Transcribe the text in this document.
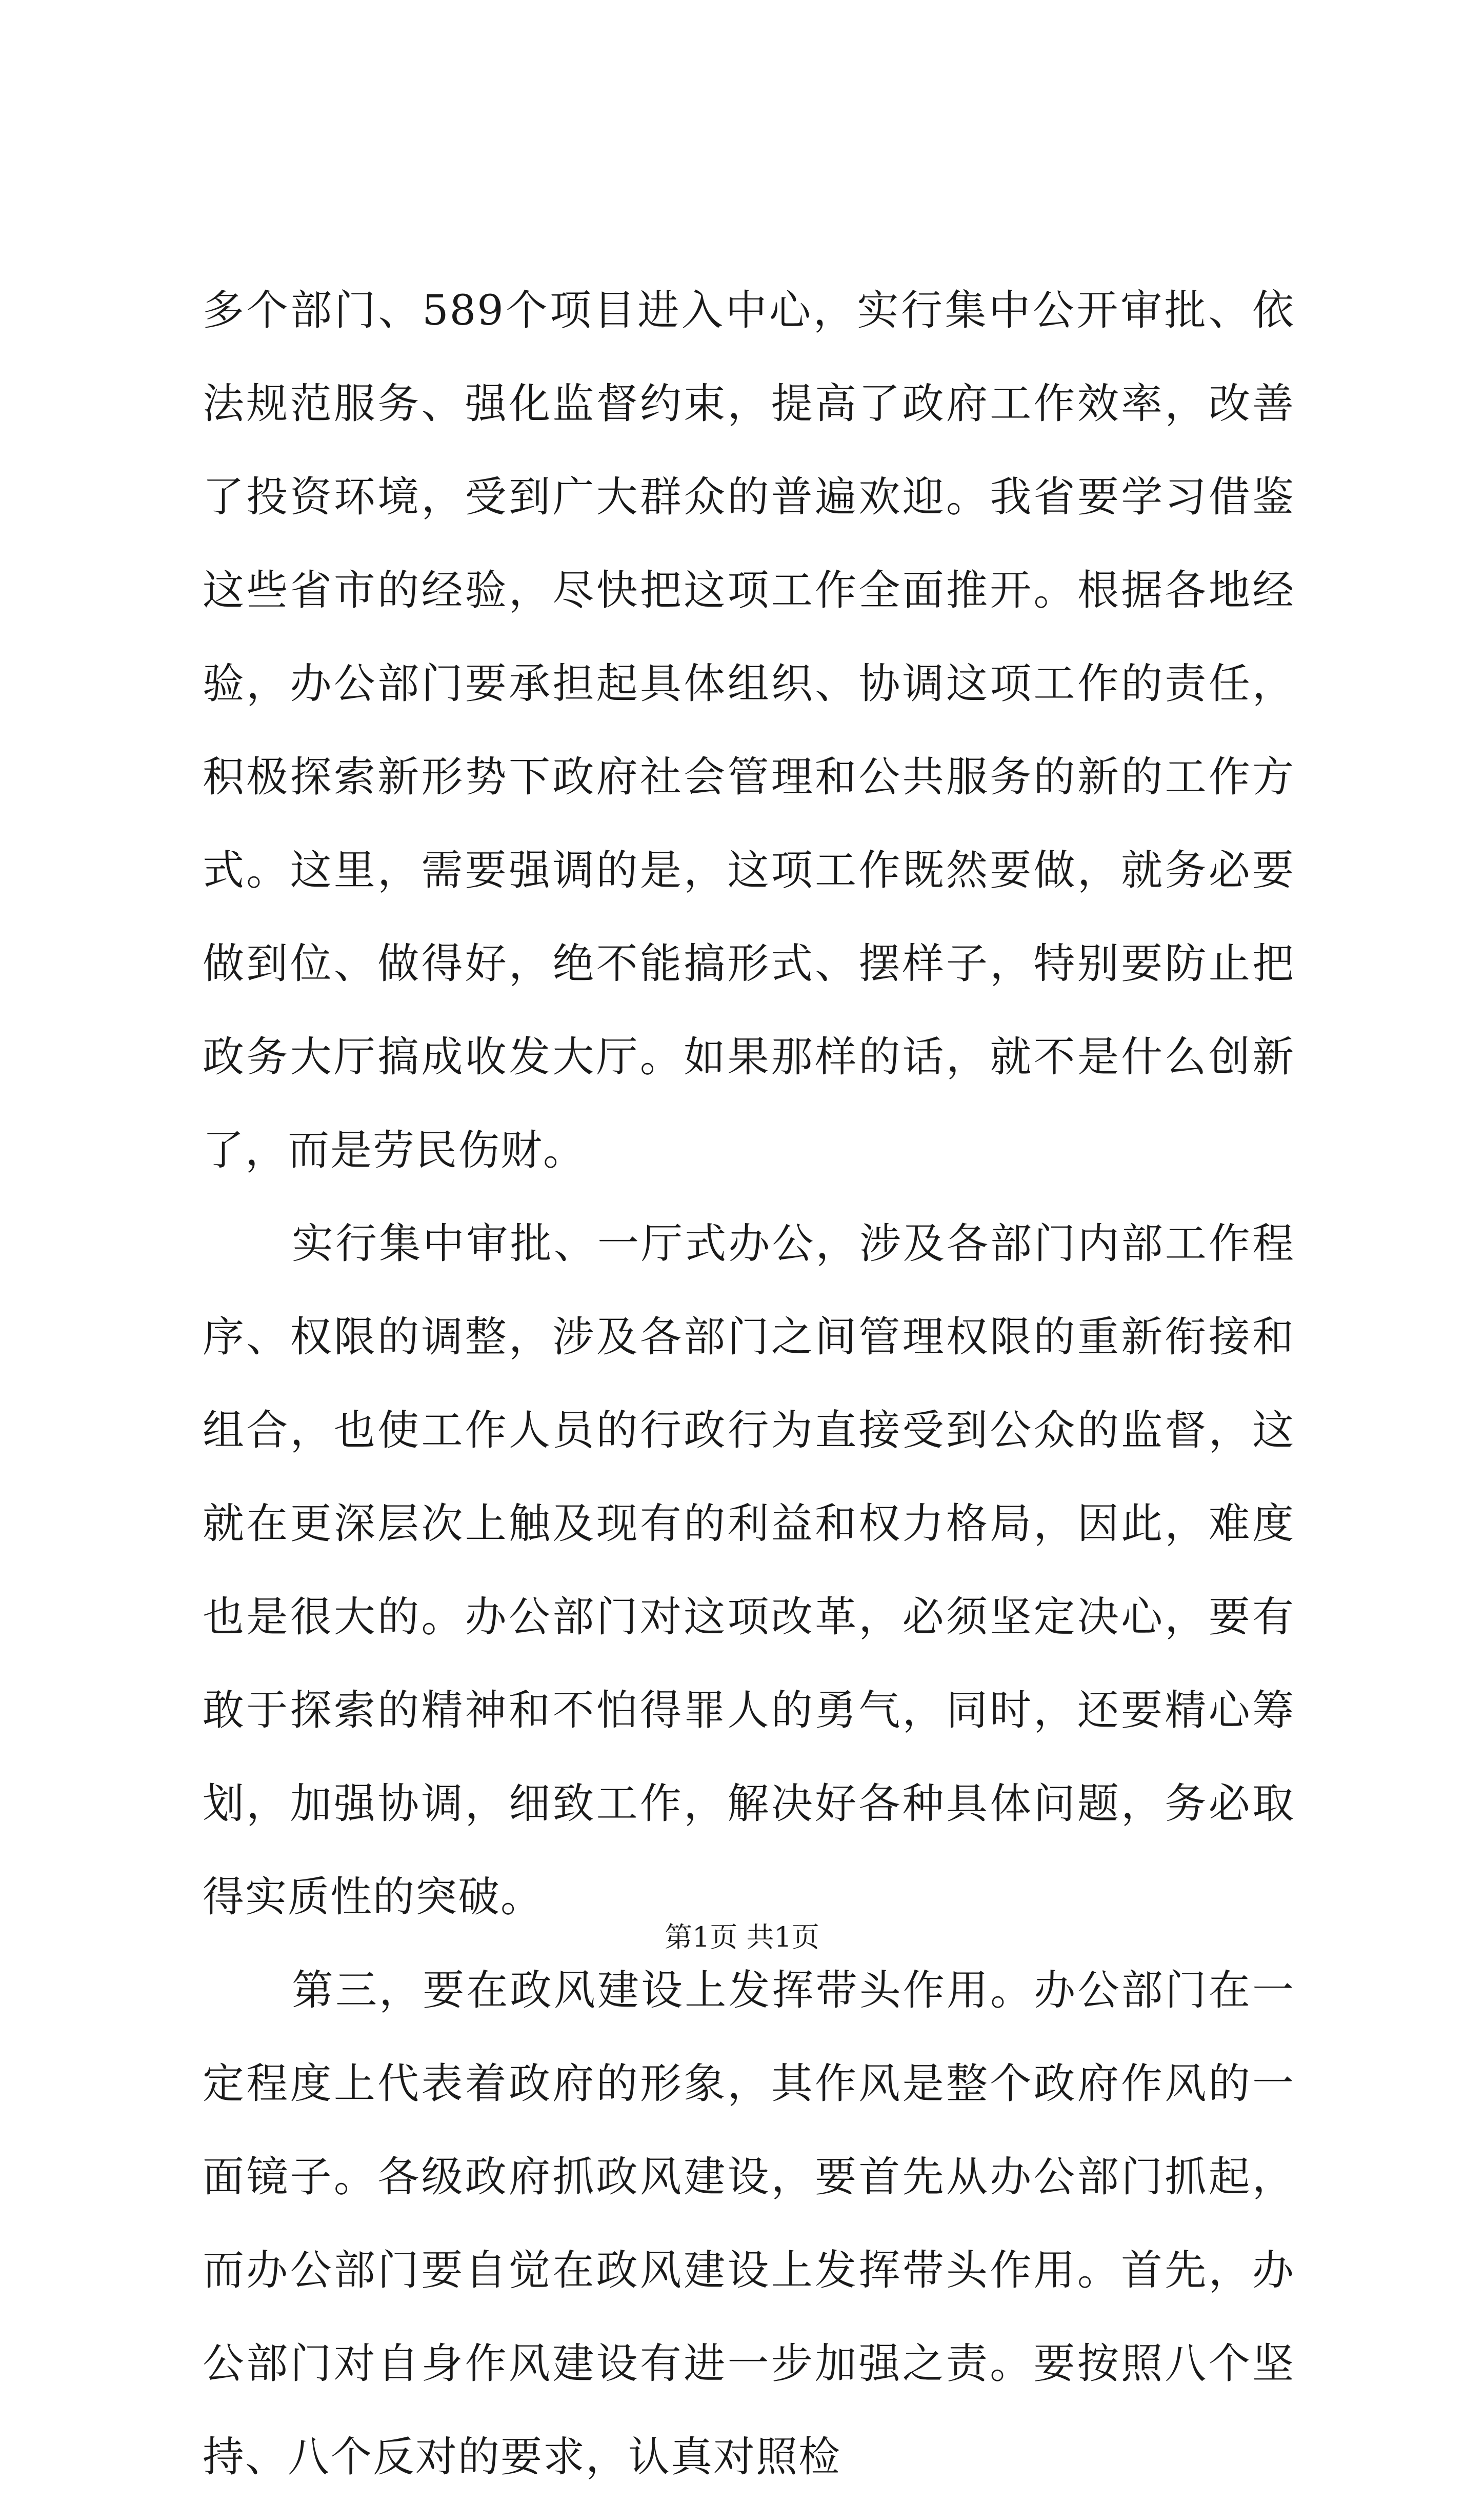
多个部门、589个项目进入中心，实行集中公开审批、依法规范服务、强化监督约束，提高了政府工作效率，改善了投资环境，受到广大群众的普遍欢迎。我省要学习借鉴这些省市的经验，尽快把这项工作全面推开。根据各地经验，办公部门要承担起具体组织、协调这项工作的责任，积极探索新形势下政府社会管理和公共服务的新的工作方式。这里，需要强调的是，这项工作既然要做，就务必要做到位、做得好，绝不能搞形式、摆样子，特别要防止把政务大厅搞成收发大厅。如果那样的话，就不是什么创新了，而是劳民伤财。

实行集中审批、一厅式办公，涉及各部门内部工作程序、权限的调整，涉及各部门之间管理权限的重新衔接和组合，也使工作人员的行政行为直接受到公众的监督，这就在更深层次上触及现有的利益和权力格局，因此，难度也是很大的。办公部门对这项改革，必须坚定决心，要有敢于探索的精神和不怕得罪人的勇气，同时，还要精心筹划，加强协调，细致工作，解决好各种具体问题，务必取得实质性的突破。

第三，要在政风建设上发挥带头作用。办公部门在一定程度上代表着政府的形象，其作风是整个政府作风的一面镜子。各级政府抓政风建设，要首先从办公部门抓起，而办公部门要自觉在政风建设上发挥带头作用。首先，办公部门对自身作风建设有进一步加强之责。要按照八个坚持、八个反对的要求，认真对照检

第1页 共1页
